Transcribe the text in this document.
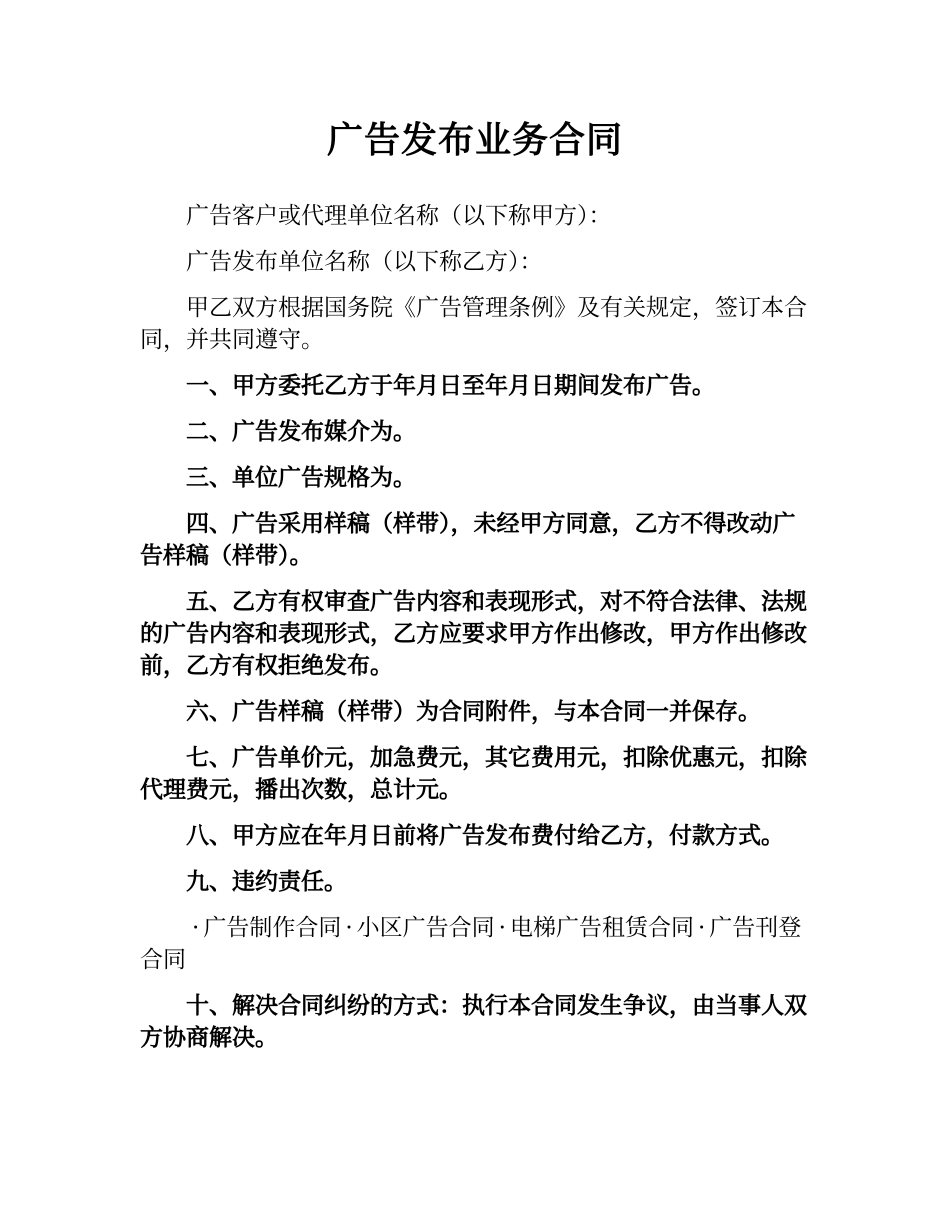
广告发布业务合同

广告客户或代理单位名称（以下称甲方）：

广告发布单位名称（以下称乙方）：

甲乙双方根据国务院《广告管理条例》及有关规定，签订本合同，并共同遵守。

一、甲方委托乙方于年月日至年月日期间发布广告。

二、广告发布媒介为。

三、单位广告规格为。

四、广告采用样稿（样带），未经甲方同意，乙方不得改动广告样稿（样带）。

五、乙方有权审查广告内容和表现形式，对不符合法律、法规的广告内容和表现形式，乙方应要求甲方作出修改，甲方作出修改前，乙方有权拒绝发布。

六、广告样稿（样带）为合同附件，与本合同一并保存。

七、广告单价元，加急费元，其它费用元，扣除优惠元，扣除代理费元，播出次数，总计元。

八、甲方应在年月日前将广告发布费付给乙方，付款方式。

九、违约责任。

· 广告制作合同 · 小区广告合同 · 电梯广告租赁合同 · 广告刊登合同

十、解决合同纠纷的方式：执行本合同发生争议，由当事人双方协商解决。
